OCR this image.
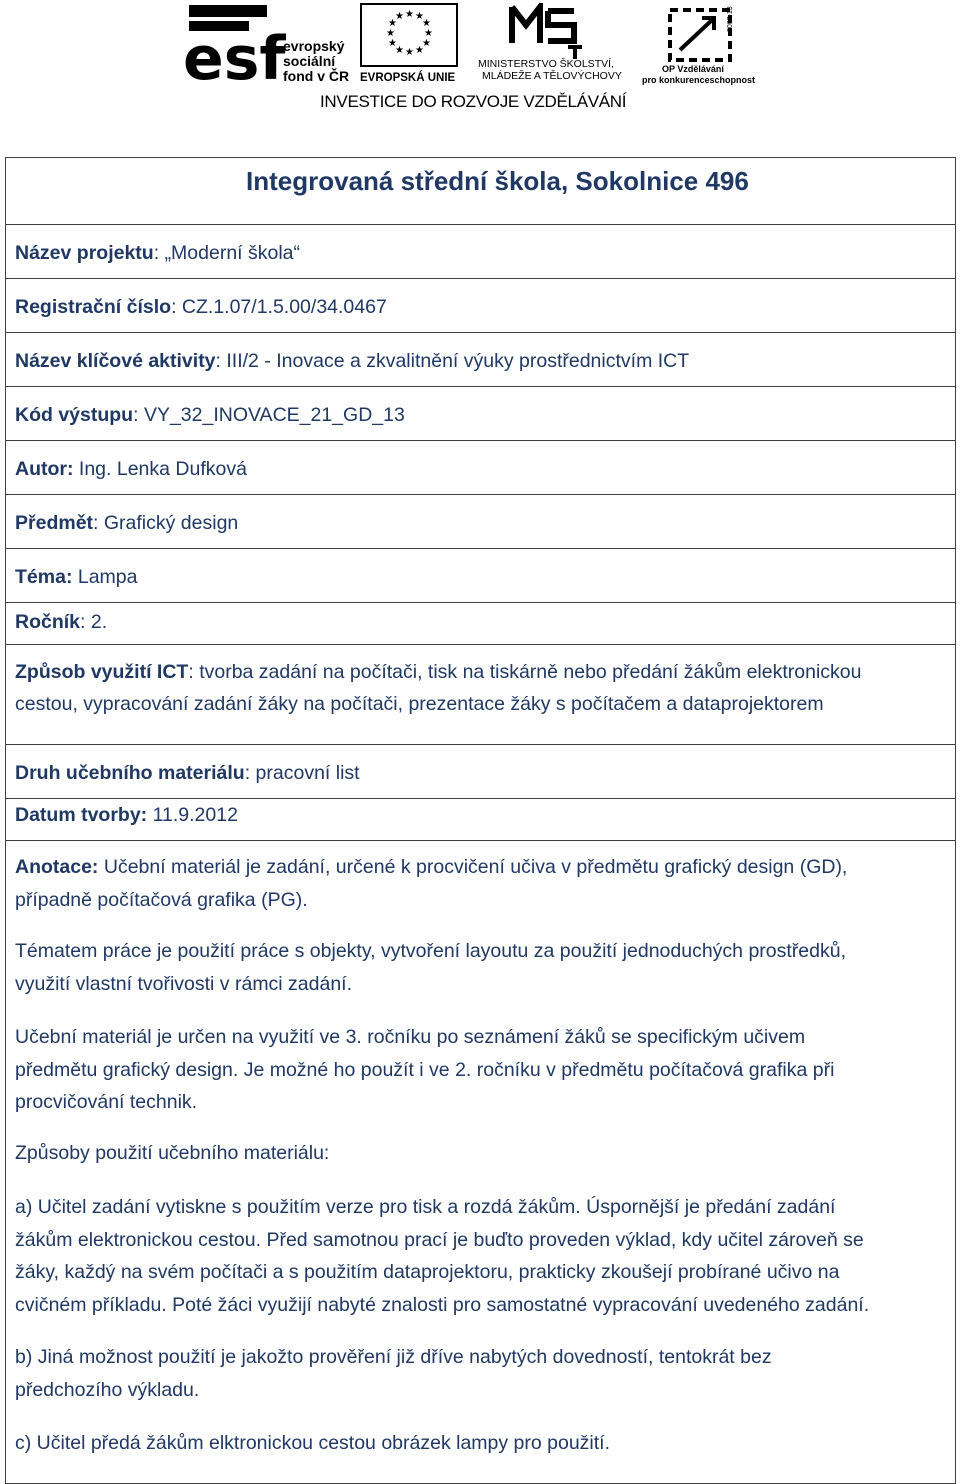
esf
evropský
sociální
fond v ČR
★ ★
★
★
★
★
★
★
★
★
★
★
EVROPSKÁ UNIE
MINISTERSTVO ŠKOLSTVÍ,
MLÁDEŽE A TĚLOVÝCHOVY
2007-13
OP Vzdělávání
pro konkurenceschopnost
INVESTICE DO ROZVOJE VZDĚLÁVÁNÍ
Integrovaná střední škola, Sokolnice 496
Název projektu: „Moderní škola“
Registrační číslo: CZ.1.07/1.5.00/34.0467
Název klíčové aktivity: III/2 - Inovace a zkvalitnění výuky prostřednictvím ICT
Kód výstupu: VY_32_INOVACE_21_GD_13
Autor: Ing. Lenka Dufková
Předmět: Grafický design
Téma: Lampa
Ročník: 2.
Způsob využití ICT: tvorba zadání na počítači, tisk na tiskárně nebo předání žákům elektronickou
cestou, vypracování zadání žáky na počítači, prezentace žáky s počítačem a dataprojektorem
Druh učebního materiálu: pracovní list
Datum tvorby: 11.9.2012
Anotace: Učební materiál je zadání, určené k procvičení učiva v předmětu grafický design (GD),
případně počítačová grafika (PG).
Tématem práce je použití práce s objekty, vytvoření layoutu za použití jednoduchých prostředků,
využití vlastní tvořivosti v rámci zadání.
Učební materiál je určen na využití ve 3. ročníku po seznámení žáků se specifickým učivem
předmětu grafický design. Je možné ho použít i ve 2. ročníku v předmětu počítačová grafika při
procvičování technik.
Způsoby použití učebního materiálu:
a) Učitel zadání vytiskne s použitím verze pro tisk a rozdá žákům. Úspornější je předání zadání
žákům elektronickou cestou. Před samotnou prací je buďto proveden výklad, kdy učitel zároveň se
žáky, každý na svém počítači a s použitím dataprojektoru, prakticky zkoušejí probírané učivo na
cvičném příkladu. Poté žáci využijí nabyté znalosti pro samostatné vypracování uvedeného zadání.
b) Jiná možnost použití je jakožto prověření již dříve nabytých dovedností, tentokrát bez
předchozího výkladu.
c) Učitel předá žákům elktronickou cestou obrázek lampy pro použití.
